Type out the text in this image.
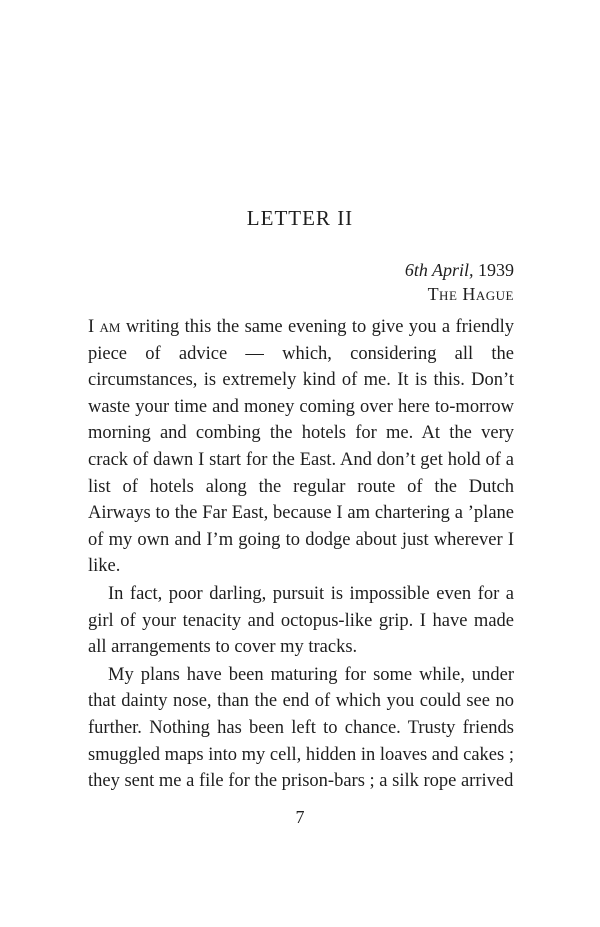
LETTER II
6th April, 1939
The Hague

I am writing this the same evening to give you a friendly piece of advice — which, considering all the circumstances, is extremely kind of me. It is this. Don’t waste your time and money coming over here to-morrow morning and combing the hotels for me. At the very crack of dawn I start for the East. And don’t get hold of a list of hotels along the regular route of the Dutch Airways to the Far East, because I am chartering a ’plane of my own and I’m going to dodge about just wherever I like.

In fact, poor darling, pursuit is impossible even for a girl of your tenacity and octopus-like grip. I have made all arrangements to cover my tracks.

My plans have been maturing for some while, under that dainty nose, than the end of which you could see no further. Nothing has been left to chance. Trusty friends smuggled maps into my cell, hidden in loaves and cakes ; they sent me a file for the prison-bars ; a silk rope arrived

7
